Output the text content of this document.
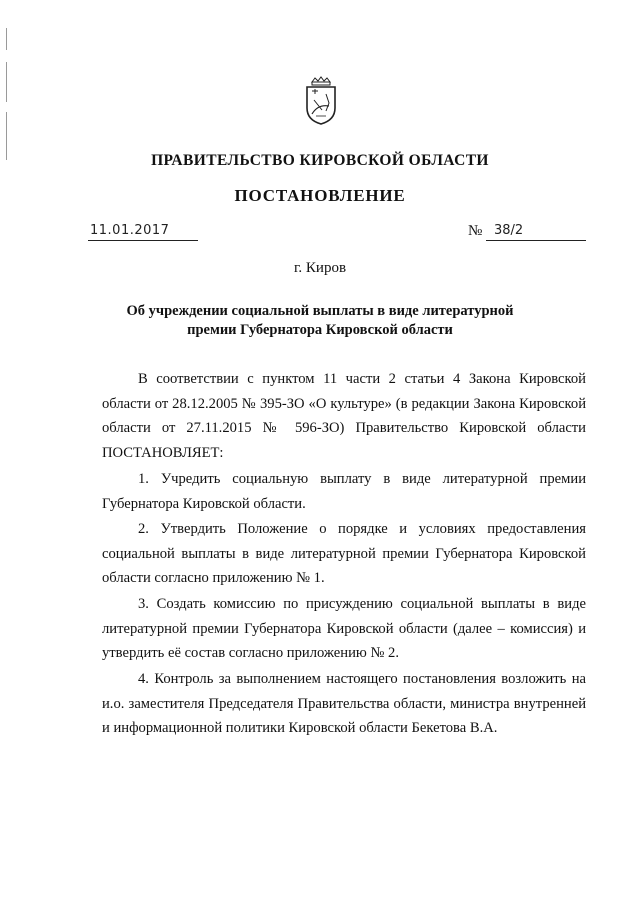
ПРАВИТЕЛЬСТВО КИРОВСКОЙ ОБЛАСТИ
ПОСТАНОВЛЕНИЕ
11.01.2017	№ 38/2
г. Киров
Об учреждении социальной выплаты в виде литературной премии Губернатора Кировской области
В соответствии с пунктом 11 части 2 статьи 4 Закона Кировской области от 28.12.2005 № 395-ЗО «О культуре» (в редакции Закона Кировской области от 27.11.2015 № 596-ЗО) Правительство Кировской области ПОСТАНОВЛЯЕТ:
1. Учредить социальную выплату в виде литературной премии Губернатора Кировской области.
2. Утвердить Положение о порядке и условиях предоставления социальной выплаты в виде литературной премии Губернатора Кировской области согласно приложению № 1.
3. Создать комиссию по присуждению социальной выплаты в виде литературной премии Губернатора Кировской области (далее – комиссия) и утвердить её состав согласно приложению № 2.
4. Контроль за выполнением настоящего постановления возложить на и.о. заместителя Председателя Правительства области, министра внутренней и информационной политики Кировской области Бекетова В.А.
